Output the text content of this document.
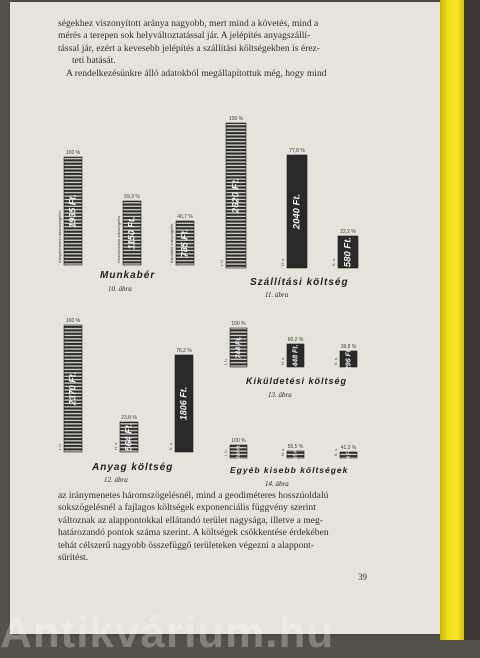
ségekhez viszonyított aránya nagyobb, mert mind a követés, mind a
mérés a terepen sok helyváltoztatással jár. A jelépítés anyagszállí-
tással jár, ezért a kevesebb jelépítés a szállítási költségekben is érez-
teti hatását.
A rendelkezésünkre álló adatokból megállapítottuk még, hogy mind
100 %
1935 Ft.
Iránymenetes háromszögelés
59,3 %
1150 Ft.
Hosszúoldalú sokszögelés	40,7 %
785 Ft.
Kisoldalú sokszögelés
Munkabér
10. ábra
100 %
2620 Ft.
I. h.
77,8 %
2040 Ft.
H. s.
22,2 %
580 Ft.
K. s.
Szállítási költség
11. ábra
100 %
2370 Ft.
I. h.
23,8 %
564 Ft.
H. s.
76,2 %
1806 Ft.
K. s.
Anyag költség
12. ábra
100 %
744 Ft.
I. h.
60,2 %
448 Ft.
H. s.
39,8 %
296 Ft.
K. s.
Kiküldetési költség
13. ábra
100 %
220 Ft.
I. h.
55,5 %
125 Ft.
H. s.	41,3 %
95 Ft.
K. s.
Egyéb kisebb költségek
14. ábra
az iránymenetes háromszögelésnél, mind a geodiméteres hosszúoldalú
sokszögelésnél a fajlagos költségek exponenciális függvény szerint
változnak az alappontokkal ellátandó terület nagysága, illetve a meg-
határozandó pontok száma szerint. A költségek csökkentése érdekében
tehát célszerű nagyobb összefüggő területeken végezni a alappont-
sűrítést.
39
Antikvárium.hu
